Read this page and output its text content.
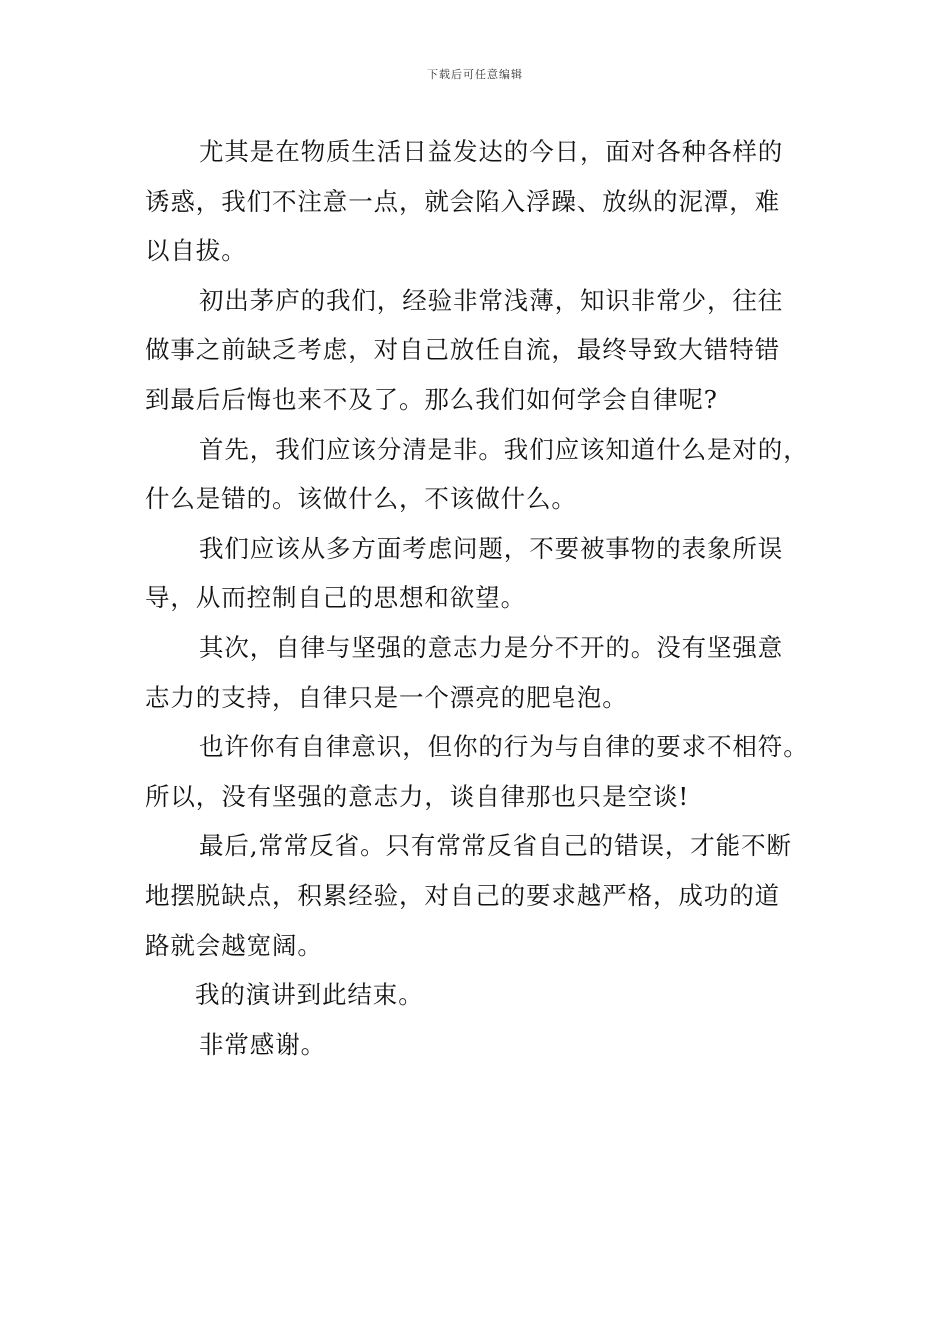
下载后可任意编辑

尤其是在物质生活日益发达的今日，面对各种各样的
诱惑，我们不注意一点，就会陷入浮躁、放纵的泥潭，难
以自拔。

初出茅庐的我们，经验非常浅薄，知识非常少，往往
做事之前缺乏考虑，对自己放任自流，最终导致大错特错
到最后后悔也来不及了。那么我们如何学会自律呢?

首先，我们应该分清是非。我们应该知道什么是对的，
什么是错的。该做什么，不该做什么。

我们应该从多方面考虑问题，不要被事物的表象所误
导，从而控制自己的思想和欲望。

其次，自律与坚强的意志力是分不开的。没有坚强意
志力的支持，自律只是一个漂亮的肥皂泡。

也许你有自律意识，但你的行为与自律的要求不相符。
所以，没有坚强的意志力，谈自律那也只是空谈!

最后,常常反省。只有常常反省自己的错误，才能不断
地摆脱缺点，积累经验，对自己的要求越严格，成功的道
路就会越宽阔。

我的演讲到此结束。

非常感谢。
